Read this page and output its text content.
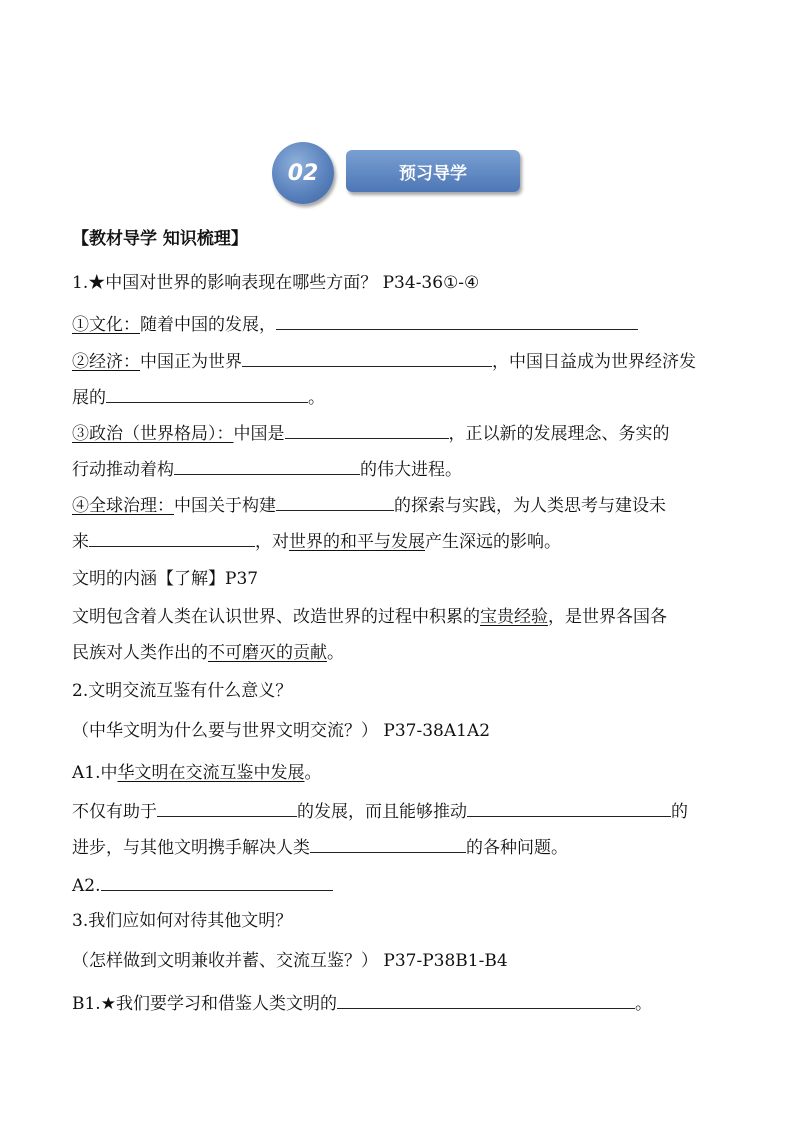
02	预习导学
【教材导学 知识梳理】
1.★中国对世界的影响表现在哪些方面？ P34-36①-④
①文化：随着中国的发展，
②经济：中国正为世界	，中国日益成为世界经济发
展的	。
③政治（世界格局）：中国是	，正以新的发展理念、务实的
行动推动着构	的伟大进程。
④全球治理：中国关于构建	的探索与实践，为人类思考与建设未
来	，对世界的和平与发展产生深远的影响。
文明的内涵【了解】P37
文明包含着人类在认识世界、改造世界的过程中积累的宝贵经验，是世界各国各
民族对人类作出的不可磨灭的贡献。
2.文明交流互鉴有什么意义？
（中华文明为什么要与世界文明交流？） P37-38A1A2
A1.中华文明在交流互鉴中发展。
不仅有助于	的发展，而且能够推动	的
进步，与其他文明携手解决人类	的各种问题。
A2.
3.我们应如何对待其他文明？
（怎样做到文明兼收并蓄、交流互鉴？） P37-P38B1-B4
B1.★我们要学习和借鉴人类文明的	。
